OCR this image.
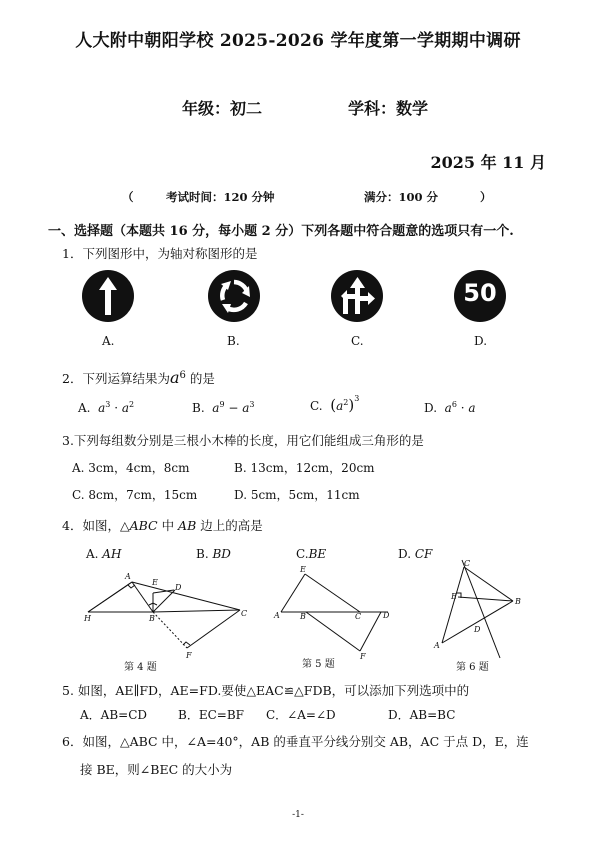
人大附中朝阳学校 2025-2026 学年度第一学期期中调研
年级：初二	学科：数学
2025 年 11 月
（	考试时间：120 分钟	满分：100 分	）
一、选择题（本题共 16 分，每小题 2 分）下列各题中符合题意的选项只有一个.
1．下列图形中，为轴对称图形的是
50
A.	B.	C.	D.
2．下列运算结果为$a^6$ 的是
A. $a^3 \cdot a^2$	B. $a^9 - a^3$	C. $(a^2)^3$
D. $a^6 \cdot a$
3.下列每组数分别是三根小木棒的长度，用它们能组成三角形的是
A. 3cm，4cm，8cm	B. 13cm，12cm，20cm
C. 8cm，7cm，15cm	D. 5cm，5cm，11cm
4．如图，△ABC 中 AB 边上的高是
A. AH	B. BD	C.BE	D. CF
A
E
D
H	B
C
F
E
A	B	C	D
F
C
E
B
D
A
第 4 题	第 5 题	第 6 题
5. 如图，AE∥FD，AE=FD.要使△EAC≌△FDB，可以添加下列选项中的
A．AB=CD	B．EC=BF C．∠A=∠D	D．AB=BC
6．如图，△ABC 中，∠A=40°，AB 的垂直平分线分别交 AB，AC 于点 D，E，连
接 BE，则∠BEC 的大小为
-1-
